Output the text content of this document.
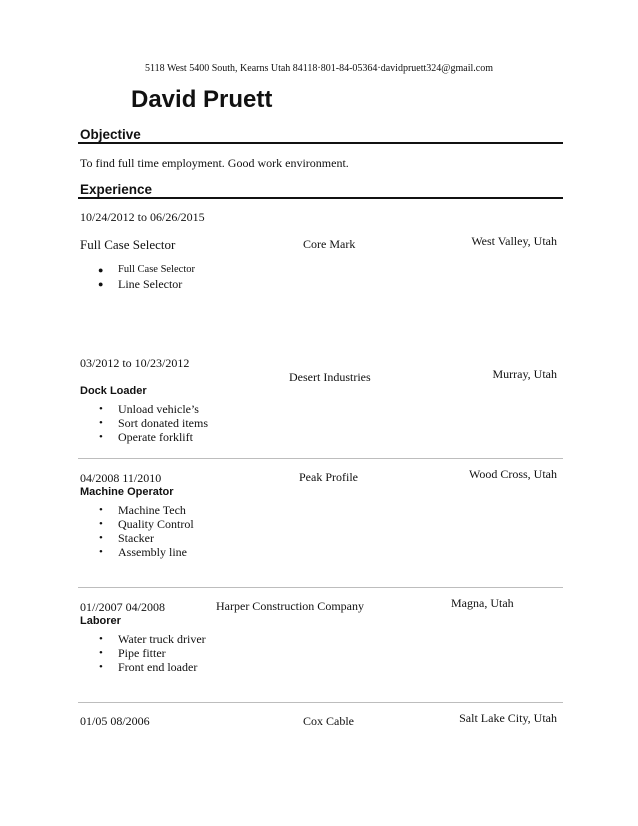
5118 West 5400 South, Kearns Utah 84118·801-84-05364·davidpruett324@gmail.com
David Pruett
Objective
To find full time employment. Good work environment.
Experience
10/24/2012 to 06/26/2015
Full Case Selector	Core Mark	West Valley, Utah
● Full Case Selector
● Line Selector
03/2012 to 10/23/2012
Desert Industries	Murray, Utah
Dock Loader
• Unload vehicle’s
• Sort donated items
• Operate forklift
04/2008 11/2010	Peak Profile	Wood Cross, Utah
Machine Operator
• Machine Tech
• Quality Control
• Stacker
• Assembly line
01//2007 04/2008	Harper Construction Company	Magna, Utah
Laborer
• Water truck driver
• Pipe fitter
• Front end loader
01/05 08/2006	Cox Cable	Salt Lake City, Utah
